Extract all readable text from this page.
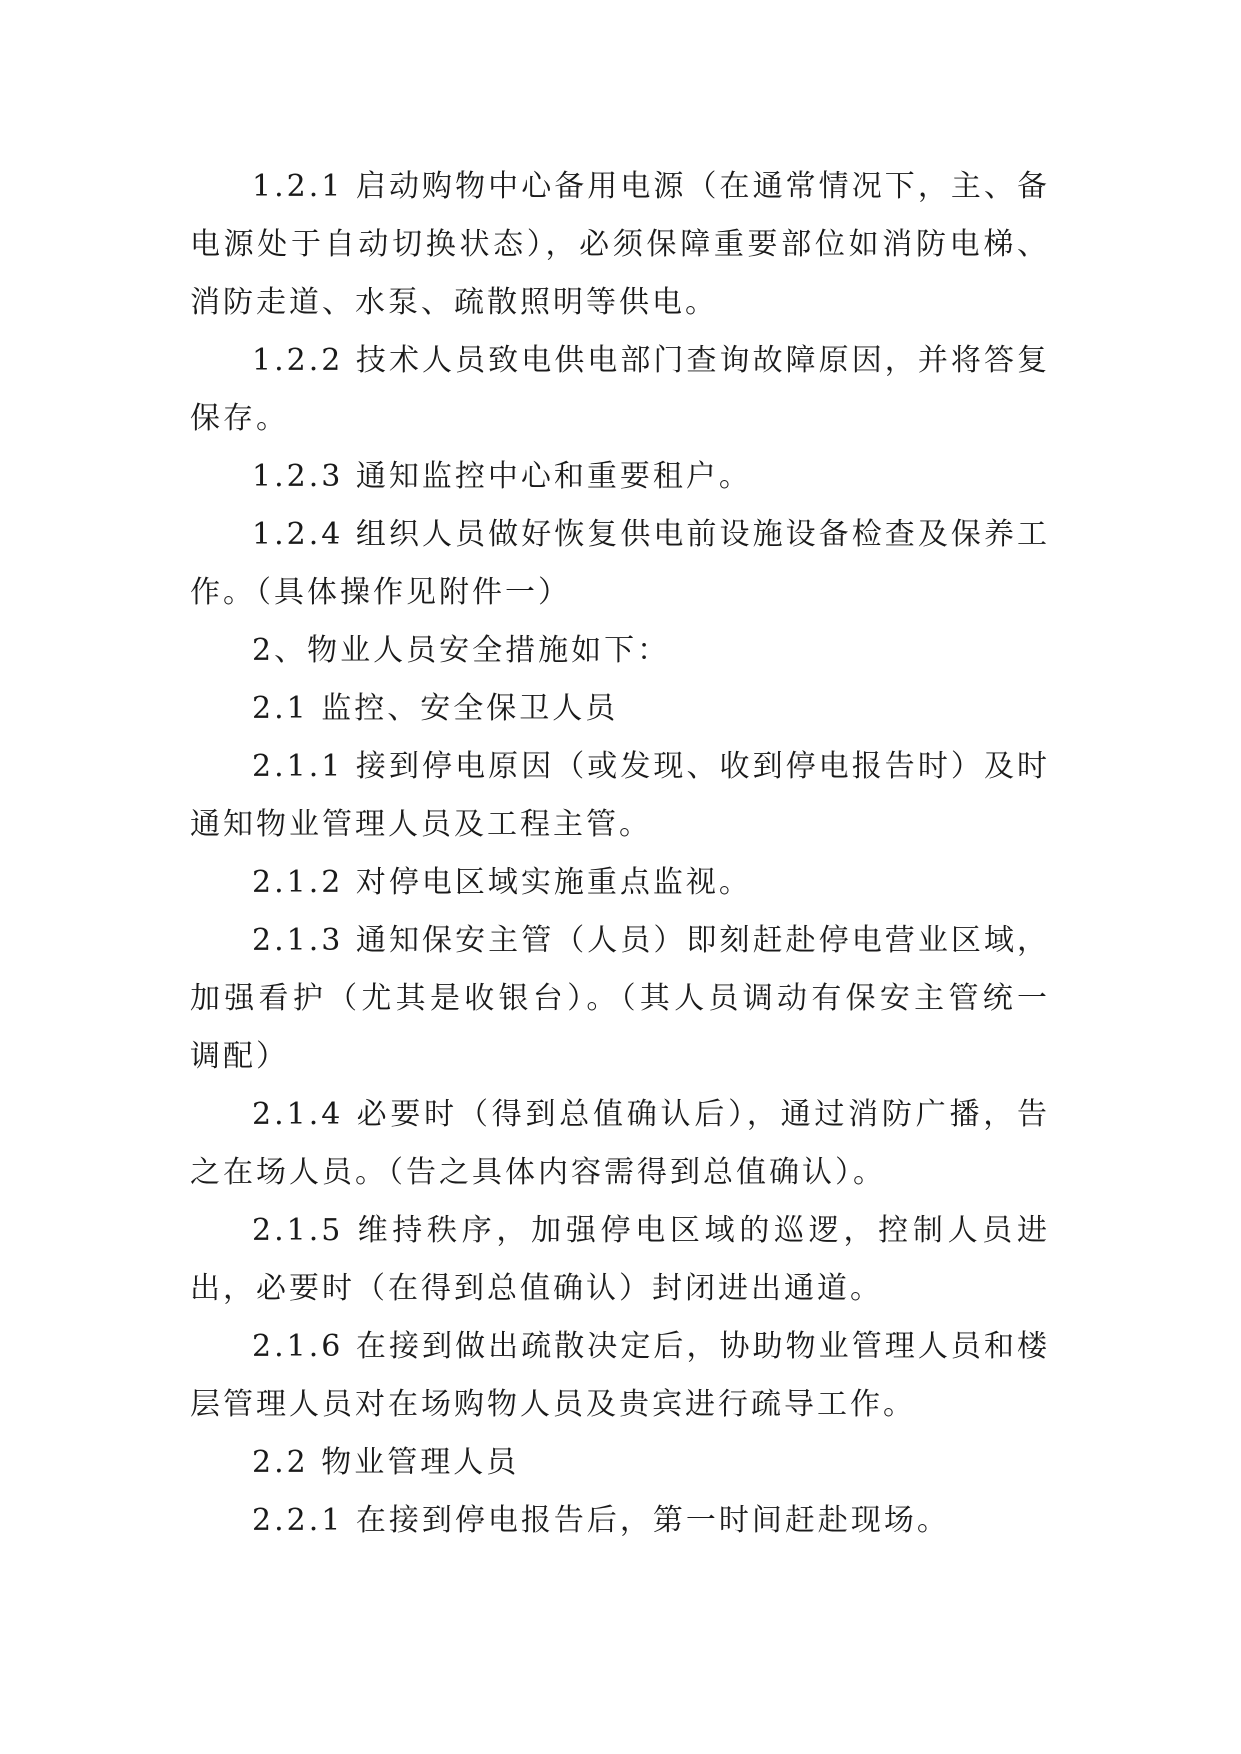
1.2.1 启动购物中心备用电源（在通常情况下，主、备电源处于自动切换状态），必须保障重要部位如消防电梯、消防走道、水泵、疏散照明等供电。

1.2.2 技术人员致电供电部门查询故障原因，并将答复保存。

1.2.3 通知监控中心和重要租户。

1.2.4 组织人员做好恢复供电前设施设备检查及保养工作。（具体操作见附件一）

2、物业人员安全措施如下：

2.1 监控、安全保卫人员

2.1.1 接到停电原因（或发现、收到停电报告时）及时通知物业管理人员及工程主管。

2.1.2 对停电区域实施重点监视。

2.1.3 通知保安主管（人员）即刻赶赴停电营业区域，加强看护（尤其是收银台）。（其人员调动有保安主管统一调配）

2.1.4 必要时（得到总值确认后），通过消防广播，告之在场人员。（告之具体内容需得到总值确认）。

2.1.5 维持秩序，加强停电区域的巡逻，控制人员进出，必要时（在得到总值确认）封闭进出通道。

2.1.6 在接到做出疏散决定后，协助物业管理人员和楼层管理人员对在场购物人员及贵宾进行疏导工作。

2.2 物业管理人员

2.2.1 在接到停电报告后，第一时间赶赴现场。
